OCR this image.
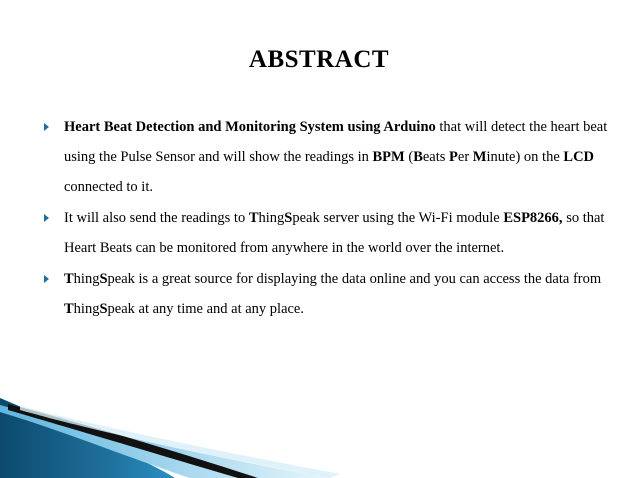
ABSTRACT
Heart Beat Detection and Monitoring System using Arduino that will detect the heart beat using the Pulse Sensor and will show the readings in BPM (Beats Per Minute) on the LCD connected to it.
It will also send the readings to ThingSpeak server using the Wi-Fi module ESP8266, so that Heart Beats can be monitored from anywhere in the world over the internet.
ThingSpeak is a great source for displaying the data online and you can access the data from ThingSpeak at any time and at any place.
